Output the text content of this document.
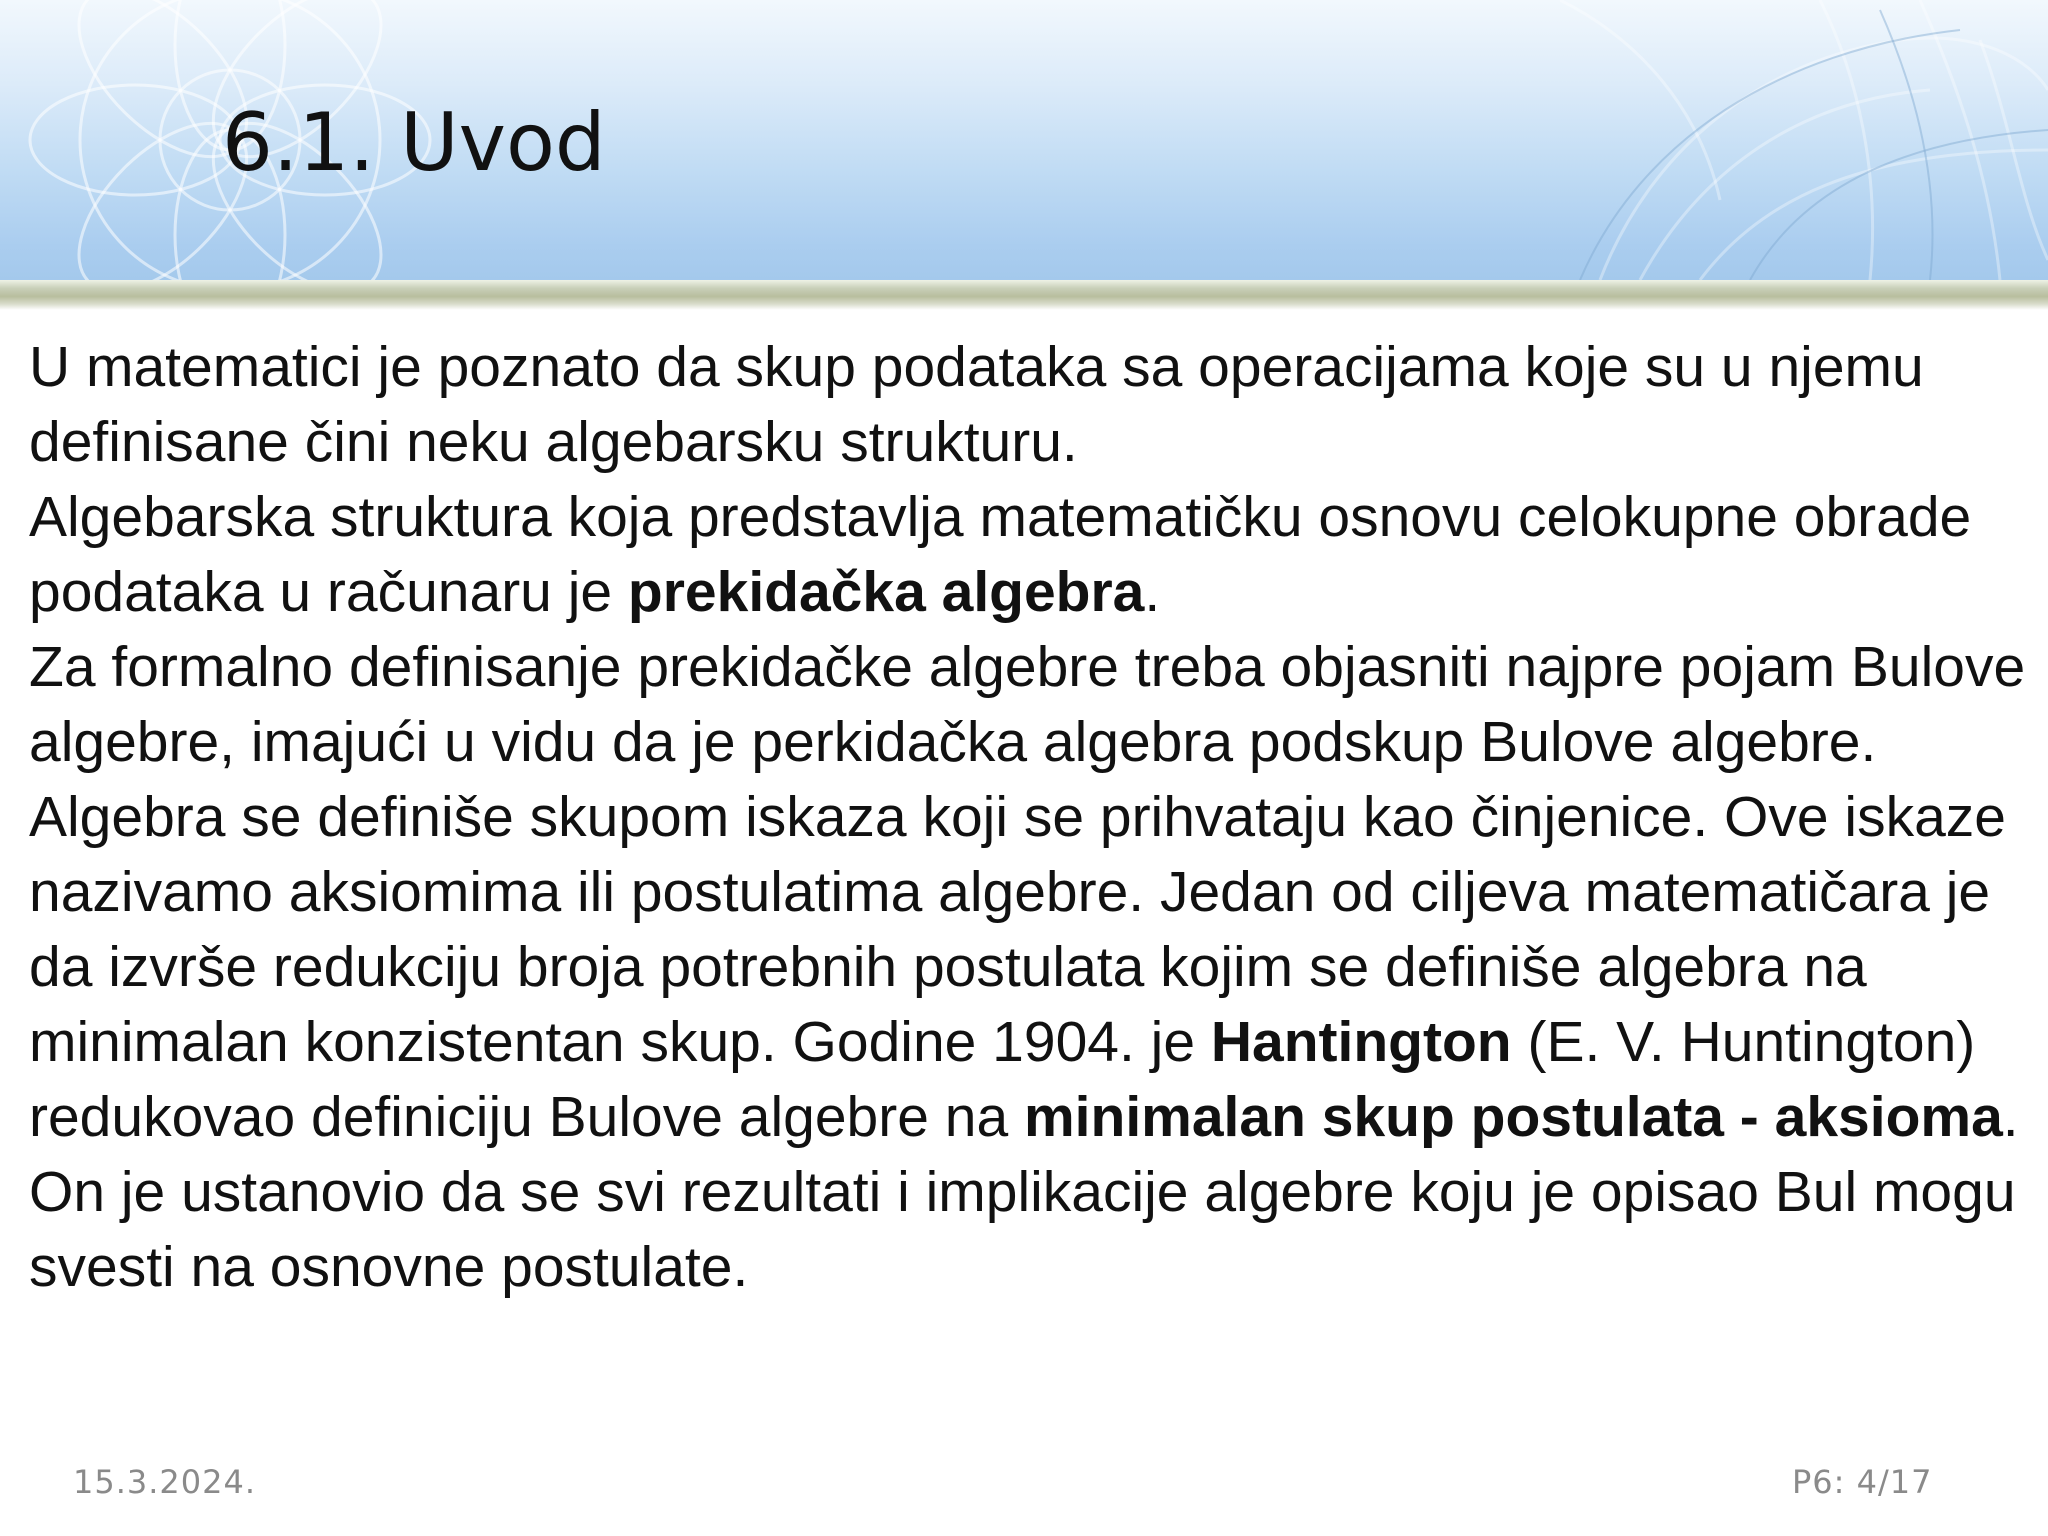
6.1. Uvod

U matematici je poznato da skup podataka sa operacijama koje su u njemu definisane čini neku algebarsku strukturu.

Algebarska struktura koja predstavlja matematičku osnovu celokupne obrade podataka u računaru je prekidačka algebra.

Za formalno definisanje prekidačke algebre treba objasniti najpre pojam Bulove algebre, imajući u vidu da je perkidačka algebra podskup Bulove algebre.

Algebra se definiše skupom iskaza koji se prihvataju kao činjenice. Ove iskaze nazivamo aksiomima ili postulatima algebre. Jedan od ciljeva matematičara je da izvrše redukciju broja potrebnih postulata kojim se definiše algebra na minimalan konzistentan skup. Godine 1904. je Hantington (E. V. Huntington) redukovao definiciju Bulove algebre na minimalan skup postulata - aksioma. On je ustanovio da se svi rezultati i implikacije algebre koju je opisao Bul mogu svesti na osnovne postulate.

15.3.2024.	P6: 4/17
